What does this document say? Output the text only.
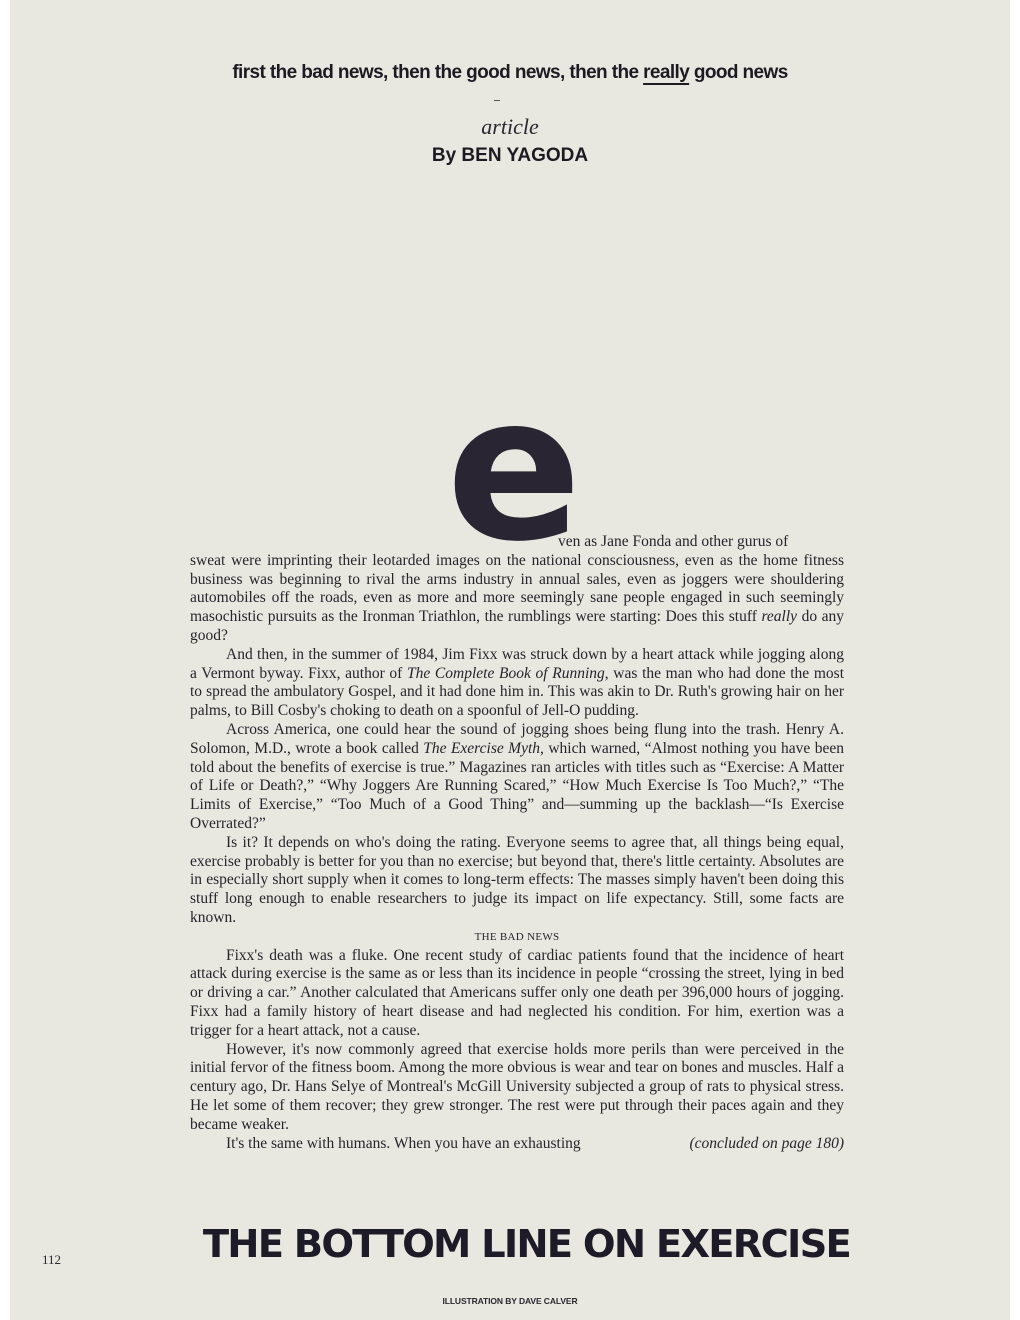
first the bad news, then the good news, then the really good news
article
By BEN YAGODA
e

ven as Jane Fonda and other gurus of
sweat were imprinting their leotarded images on the national consciousness, even as the home fitness business was beginning to rival the arms industry in annual sales, even as joggers were shouldering automobiles off the roads, even as more and more seemingly sane people engaged in such seemingly masochistic pursuits as the Ironman Triathlon, the rumblings were starting: Does this stuff really do any good?

And then, in the summer of 1984, Jim Fixx was struck down by a heart attack while jogging along a Vermont byway. Fixx, author of The Complete Book of Running, was the man who had done the most to spread the ambulatory Gospel, and it had done him in. This was akin to Dr. Ruth's growing hair on her palms, to Bill Cosby's choking to death on a spoonful of Jell-O pudding.

Across America, one could hear the sound of jogging shoes being flung into the trash. Henry A. Solomon, M.D., wrote a book called The Exercise Myth, which warned, “Almost nothing you have been told about the benefits of exercise is true.” Magazines ran articles with titles such as “Exercise: A Matter of Life or Death?,” “Why Joggers Are Running Scared,” “How Much Exercise Is Too Much?,” “The Limits of Exercise,” “Too Much of a Good Thing” and—summing up the backlash—“Is Exercise Overrated?”

Is it? It depends on who's doing the rating. Everyone seems to agree that, all things being equal, exercise probably is better for you than no exercise; but beyond that, there's little certainty. Absolutes are in especially short supply when it comes to long-term effects: The masses simply haven't been doing this stuff long enough to enable researchers to judge its impact on life expectancy. Still, some facts are known.

THE BAD NEWS

Fixx's death was a fluke. One recent study of cardiac patients found that the incidence of heart attack during exercise is the same as or less than its incidence in people “crossing the street, lying in bed or driving a car.” Another calculated that Americans suffer only one death per 396,000 hours of jogging. Fixx had a family history of heart disease and had neglected his condition. For him, exertion was a trigger for a heart attack, not a cause.

However, it's now commonly agreed that exercise holds more perils than were perceived in the initial fervor of the fitness boom. Among the more obvious is wear and tear on bones and muscles. Half a century ago, Dr. Hans Selye of Montreal's McGill University subjected a group of rats to physical stress. He let some of them recover; they grew stronger. The rest were put through their paces again and they became weaker.

It's the same with humans. When you have an exhausting	(concluded on page 180)

112	THE BOTTOM LINE ON EXERCISE
ILLUSTRATION BY DAVE CALVER
